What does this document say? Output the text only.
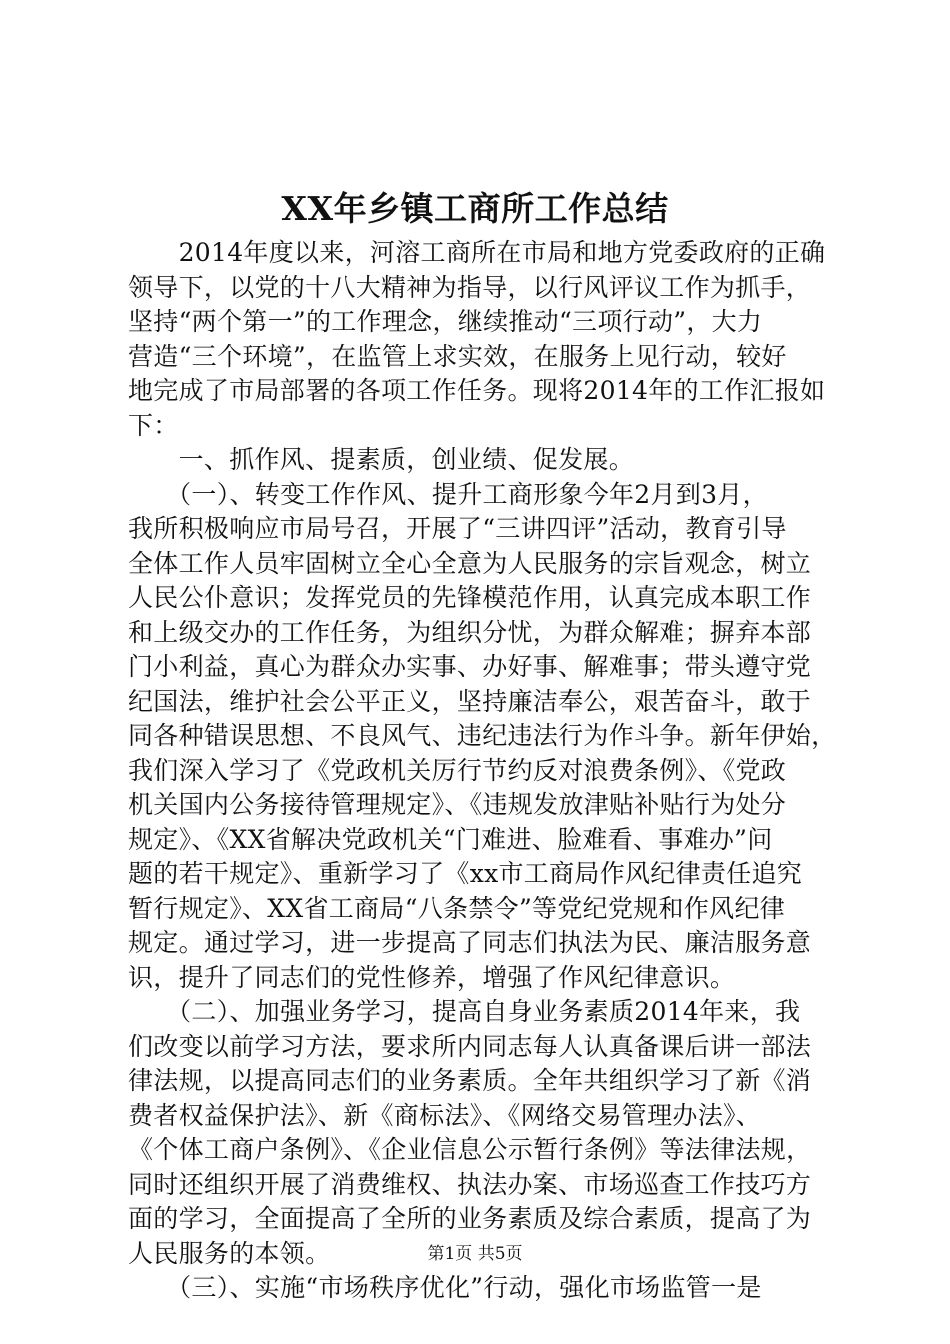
XX年乡镇工商所工作总结
　　2014年度以来，河溶工商所在市局和地方党委政府的正确
领导下，以党的十八大精神为指导，以行风评议工作为抓手，
坚持“两个第一”的工作理念，继续推动“三项行动”，大力
营造“三个环境”，在监管上求实效，在服务上见行动，较好
地完成了市局部署的各项工作任务。现将2014年的工作汇报如
下：
　　一、抓作风、提素质，创业绩、促发展。
　　（一）、转变工作作风、提升工商形象今年2月到3月，
我所积极响应市局号召，开展了“三讲四评”活动，教育引导
全体工作人员牢固树立全心全意为人民服务的宗旨观念，树立
人民公仆意识；发挥党员的先锋模范作用，认真完成本职工作
和上级交办的工作任务，为组织分忧，为群众解难；摒弃本部
门小利益，真心为群众办实事、办好事、解难事；带头遵守党
纪国法，维护社会公平正义，坚持廉洁奉公，艰苦奋斗，敢于
同各种错误思想、不良风气、违纪违法行为作斗争。新年伊始，
我们深入学习了《党政机关厉行节约反对浪费条例》、《党政
机关国内公务接待管理规定》、《违规发放津贴补贴行为处分
规定》、《XX省解决党政机关“门难进、脸难看、事难办”问
题的若干规定》、重新学习了《xx市工商局作风纪律责任追究
暂行规定》、XX省工商局“八条禁令”等党纪党规和作风纪律
规定。通过学习，进一步提高了同志们执法为民、廉洁服务意
识，提升了同志们的党性修养，增强了作风纪律意识。
　　（二）、加强业务学习，提高自身业务素质2014年来，我
们改变以前学习方法，要求所内同志每人认真备课后讲一部法
律法规，以提高同志们的业务素质。全年共组织学习了新《消
费者权益保护法》、新《商标法》、《网络交易管理办法》、
《个体工商户条例》、《企业信息公示暂行条例》等法律法规，
同时还组织开展了消费维权、执法办案、市场巡查工作技巧方
面的学习，全面提高了全所的业务素质及综合素质，提高了为
人民服务的本领。
　　（三）、实施“市场秩序优化”行动，强化市场监管一是
第1页 共5页
